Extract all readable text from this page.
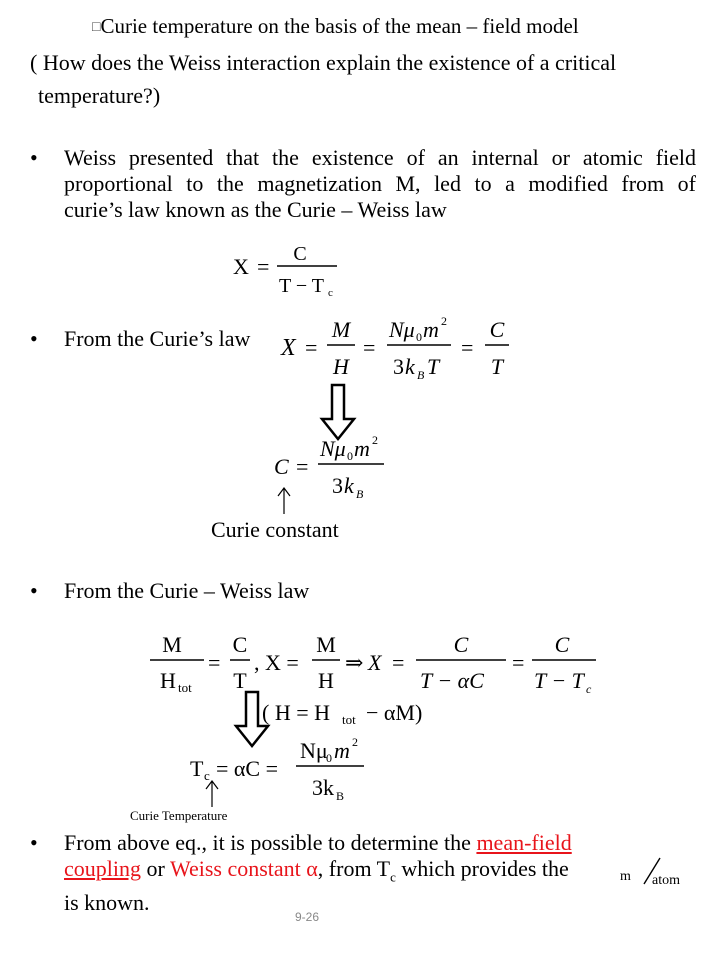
□Curie temperature on the basis of the mean – field model
( How does the Weiss interaction explain the existence of a critical
temperature?)
• Weiss presented that the existence of an internal or atomic field
proportional to the magnetization M, led to a modified from of
curie’s law known as the Curie – Weiss law
X = C
T − T c
• From the Curie’s law X =
M
H
=
Nμ 0 m 2
3 k B T
=
C
T
C =
Nμ 0 m 2
3 k B
Curie constant
• From the Curie – Weiss law
M
H tot
=
C
T
, X =
M
H
⇒ X =
C
T − αC
=
C
T − T c
( H = H tot − αM)
T c = αC =
Nμ
0 m 2
3k B
Curie Temperature
• From above eq., it is possible to determine the mean-field
coupling or Weiss constant α, from $T_c$ which provides the
is known.
m atom
9-26
